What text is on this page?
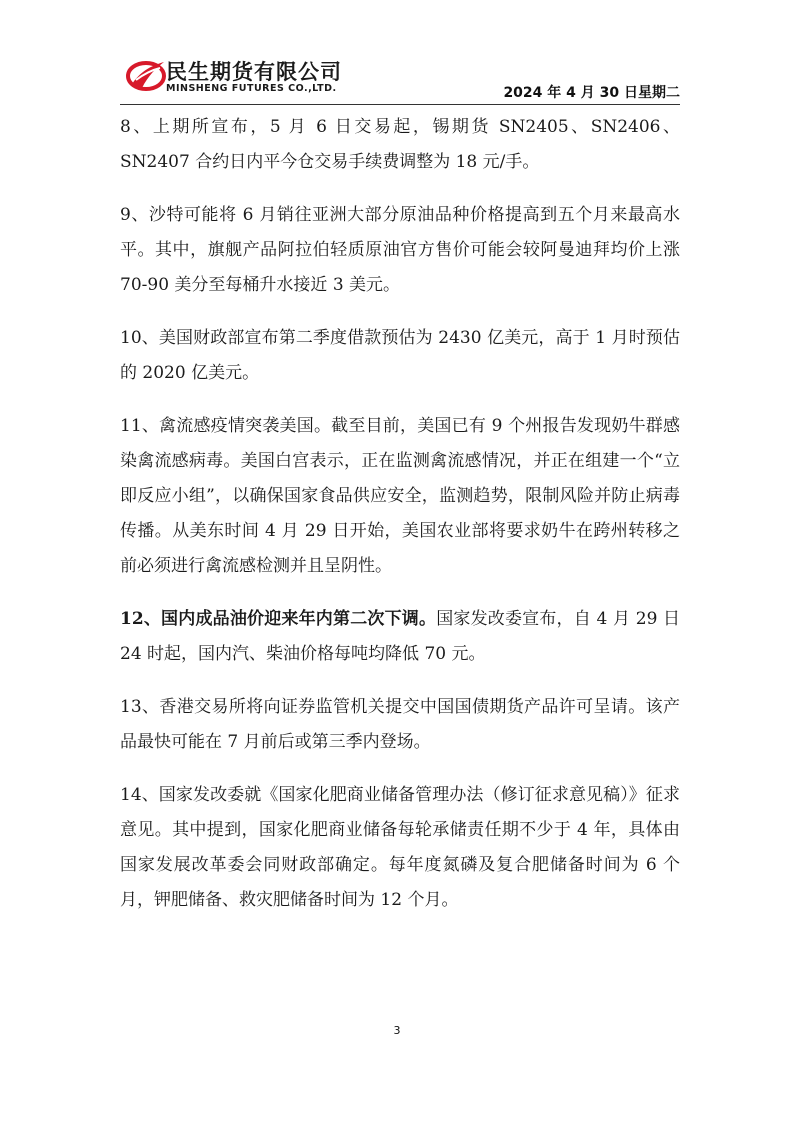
民生期货有限公司
MINSHENG FUTURES CO.,LTD.	2024 年 4 月 30 日星期二

8、上期所宣布，5 月 6 日交易起，锡期货 SN2405、SN2406、SN2407 合约日内平今仓交易手续费调整为 18 元/手。

9、沙特可能将 6 月销往亚洲大部分原油品种价格提高到五个月来最高水平。其中，旗舰产品阿拉伯轻质原油官方售价可能会较阿曼迪拜均价上涨 70-90 美分至每桶升水接近 3 美元。

10、美国财政部宣布第二季度借款预估为 2430 亿美元，高于 1 月时预估的 2020 亿美元。

11、禽流感疫情突袭美国。截至目前，美国已有 9 个州报告发现奶牛群感染禽流感病毒。美国白宫表示，正在监测禽流感情况，并正在组建一个“立即反应小组”，以确保国家食品供应安全，监测趋势，限制风险并防止病毒传播。从美东时间 4 月 29 日开始，美国农业部将要求奶牛在跨州转移之前必须进行禽流感检测并且呈阴性。

12、国内成品油价迎来年内第二次下调。国家发改委宣布，自 4 月 29 日 24 时起，国内汽、柴油价格每吨均降低 70 元。

13、香港交易所将向证券监管机关提交中国国债期货产品许可呈请。该产品最快可能在 7 月前后或第三季内登场。

14、国家发改委就《国家化肥商业储备管理办法（修订征求意见稿）》征求意见。其中提到，国家化肥商业储备每轮承储责任期不少于 4 年，具体由国家发展改革委会同财政部确定。每年度氮磷及复合肥储备时间为 6 个月，钾肥储备、救灾肥储备时间为 12 个月。

3
